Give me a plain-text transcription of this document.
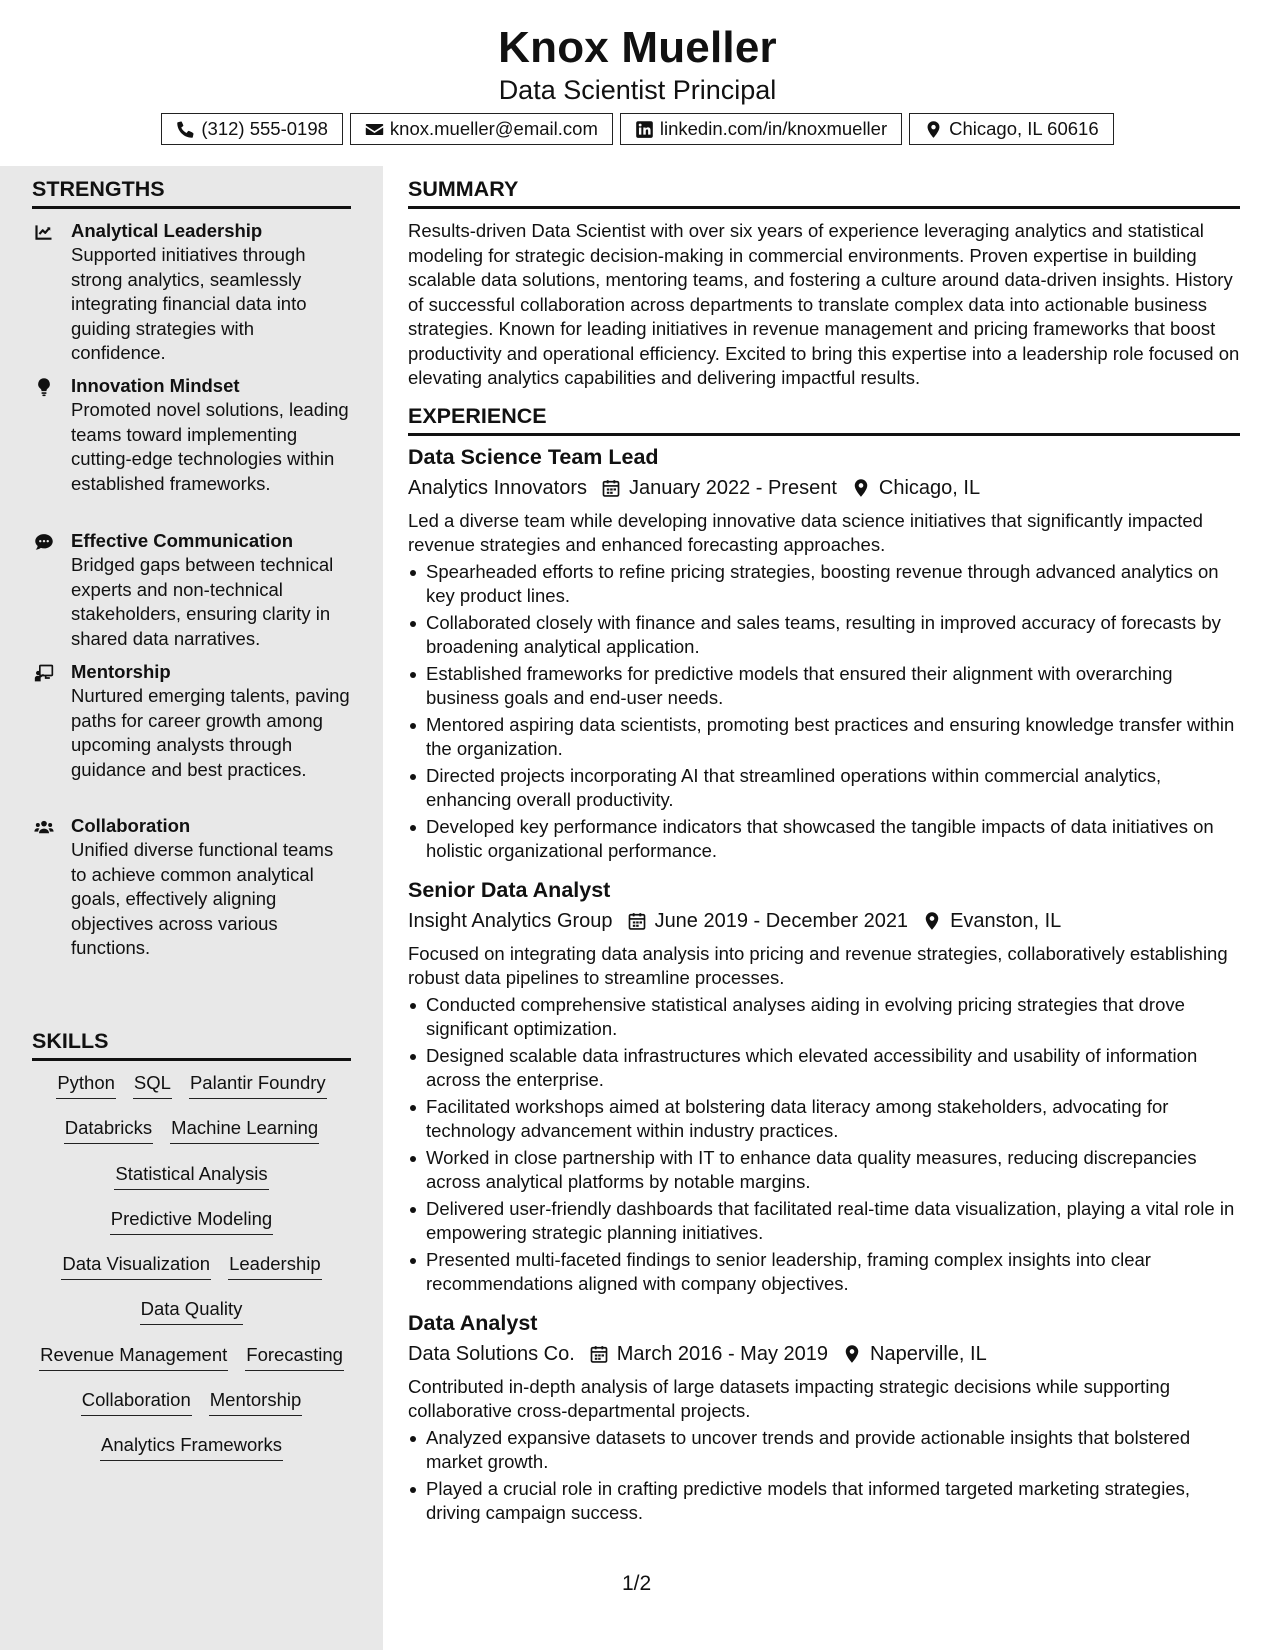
Knox Mueller
Data Scientist Principal
(312) 555-0198	knox.mueller@email.com	linkedin.com/in/knoxmueller	Chicago, IL 60616
STRENGTHS
Analytical Leadership
Supported initiatives through strong analytics, seamlessly integrating financial data into guiding strategies with confidence.
Innovation Mindset
Promoted novel solutions, leading teams toward implementing cutting-edge technologies within established frameworks.
Effective Communication
Bridged gaps between technical experts and non-technical stakeholders, ensuring clarity in shared data narratives.
Mentorship
Nurtured emerging talents, paving paths for career growth among upcoming analysts through guidance and best practices.
Collaboration
Unified diverse functional teams to achieve common analytical goals, effectively aligning objectives across various functions.
SKILLS
Python SQL Palantir Foundry
Databricks Machine Learning
Statistical Analysis
Predictive Modeling
Data Visualization Leadership
Data Quality
Revenue Management Forecasting
Collaboration Mentorship
Analytics Frameworks
SUMMARY
Results-driven Data Scientist with over six years of experience leveraging analytics and statistical modeling for strategic decision-making in commercial environments. Proven expertise in building scalable data solutions, mentoring teams, and fostering a culture around data-driven insights. History of successful collaboration across departments to translate complex data into actionable business strategies. Known for leading initiatives in revenue management and pricing frameworks that boost productivity and operational efficiency. Excited to bring this expertise into a leadership role focused on elevating analytics capabilities and delivering impactful results.
EXPERIENCE
Data Science Team Lead
Analytics Innovators January 2022 - Present Chicago, IL
Led a diverse team while developing innovative data science initiatives that significantly impacted revenue strategies and enhanced forecasting approaches.
Spearheaded efforts to refine pricing strategies, boosting revenue through advanced analytics on key product lines.
Collaborated closely with finance and sales teams, resulting in improved accuracy of forecasts by broadening analytical application.
Established frameworks for predictive models that ensured their alignment with overarching business goals and end-user needs.
Mentored aspiring data scientists, promoting best practices and ensuring knowledge transfer within the organization.
Directed projects incorporating AI that streamlined operations within commercial analytics, enhancing overall productivity.
Developed key performance indicators that showcased the tangible impacts of data initiatives on holistic organizational performance.
Senior Data Analyst
Insight Analytics Group June 2019 - December 2021 Evanston, IL
Focused on integrating data analysis into pricing and revenue strategies, collaboratively establishing robust data pipelines to streamline processes.
Conducted comprehensive statistical analyses aiding in evolving pricing strategies that drove significant optimization.
Designed scalable data infrastructures which elevated accessibility and usability of information across the enterprise.
Facilitated workshops aimed at bolstering data literacy among stakeholders, advocating for technology advancement within industry practices.
Worked in close partnership with IT to enhance data quality measures, reducing discrepancies across analytical platforms by notable margins.
Delivered user-friendly dashboards that facilitated real-time data visualization, playing a vital role in empowering strategic planning initiatives.
Presented multi-faceted findings to senior leadership, framing complex insights into clear recommendations aligned with company objectives.
Data Analyst
Data Solutions Co. March 2016 - May 2019 Naperville, IL
Contributed in-depth analysis of large datasets impacting strategic decisions while supporting collaborative cross-departmental projects.
Analyzed expansive datasets to uncover trends and provide actionable insights that bolstered market growth.
Played a crucial role in crafting predictive models that informed targeted marketing strategies, driving campaign success.
1/2
